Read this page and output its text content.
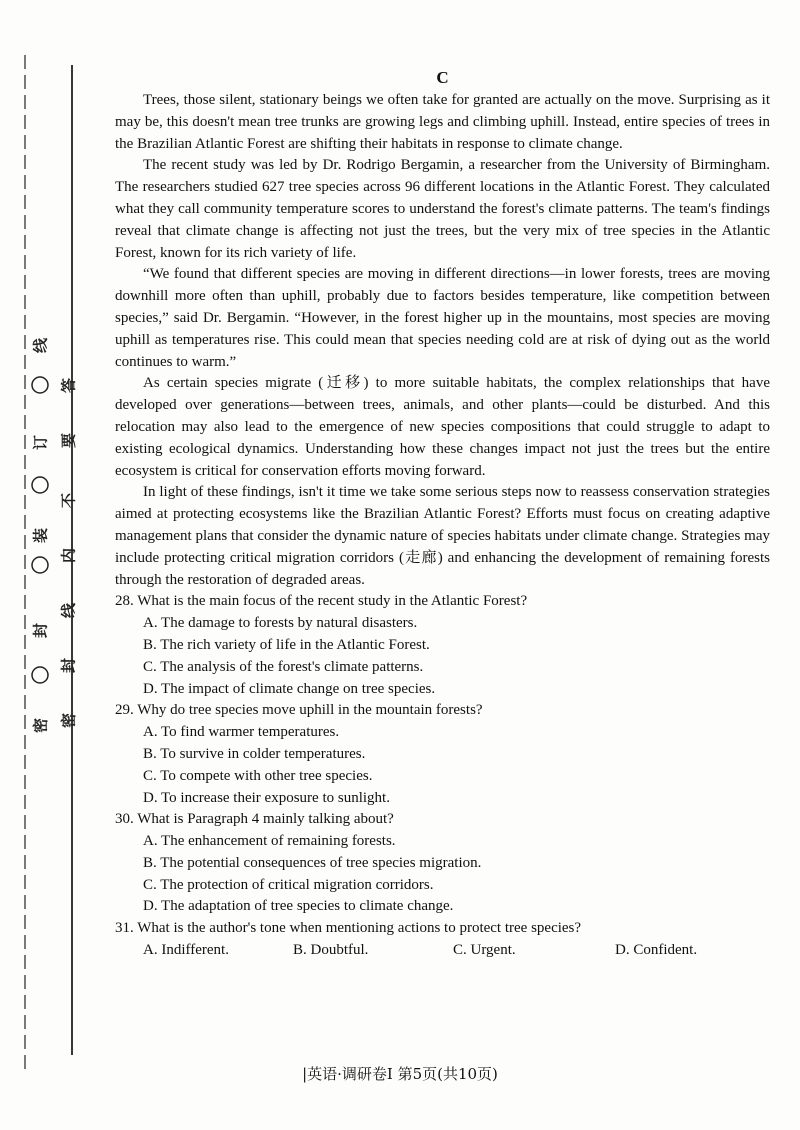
线
订
装
封
密
答
要
不
内
线
封
密
C

Trees, those silent, stationary beings we often take for granted are actually on the move. Surprising as it may be, this doesn't mean tree trunks are growing legs and climbing uphill. Instead, entire species of trees in the Brazilian Atlantic Forest are shifting their habitats in response to climate change.

The recent study was led by Dr. Rodrigo Bergamin, a researcher from the University of Birmingham. The researchers studied 627 tree species across 96 different locations in the Atlantic Forest. They calculated what they call community temperature scores to understand the forest's climate patterns. The team's findings reveal that climate change is affecting not just the trees, but the very mix of tree species in the Atlantic Forest, known for its rich variety of life.

“We found that different species are moving in different directions—in lower forests, trees are moving downhill more often than uphill, probably due to factors besides temperature, like competition between species,” said Dr. Bergamin. “However, in the forest higher up in the mountains, most species are moving uphill as temperatures rise. This could mean that species needing cold are at risk of dying out as the world continues to warm.”

As certain species migrate (迁移) to more suitable habitats, the complex relationships that have developed over generations—between trees, animals, and other plants—could be disturbed. And this relocation may also lead to the emergence of new species compositions that could struggle to adapt to existing ecological dynamics. Understanding how these changes impact not just the trees but the entire ecosystem is critical for conservation efforts moving forward.

In light of these findings, isn't it time we take some serious steps now to reassess conservation strategies aimed at protecting ecosystems like the Brazilian Atlantic Forest? Efforts must focus on creating adaptive management plans that consider the dynamic nature of species habitats under climate change. Strategies may include protecting critical migration corridors (走廊) and enhancing the development of remaining forests through the restoration of degraded areas.

28. What is the main focus of the recent study in the Atlantic Forest?

A. The damage to forests by natural disasters.

B. The rich variety of life in the Atlantic Forest.

C. The analysis of the forest's climate patterns.

D. The impact of climate change on tree species.

29. Why do tree species move uphill in the mountain forests?

A. To find warmer temperatures.

B. To survive in colder temperatures.

C. To compete with other tree species.

D. To increase their exposure to sunlight.

30. What is Paragraph 4 mainly talking about?

A. The enhancement of remaining forests.

B. The potential consequences of tree species migration.

C. The protection of critical migration corridors.

D. The adaptation of tree species to climate change.

31. What is the author's tone when mentioning actions to protect tree species?

A. Indifferent.	B. Doubtful.	C. Urgent.	D. Confident.
|英语·调研卷Ⅰ 第5页(共10页)
